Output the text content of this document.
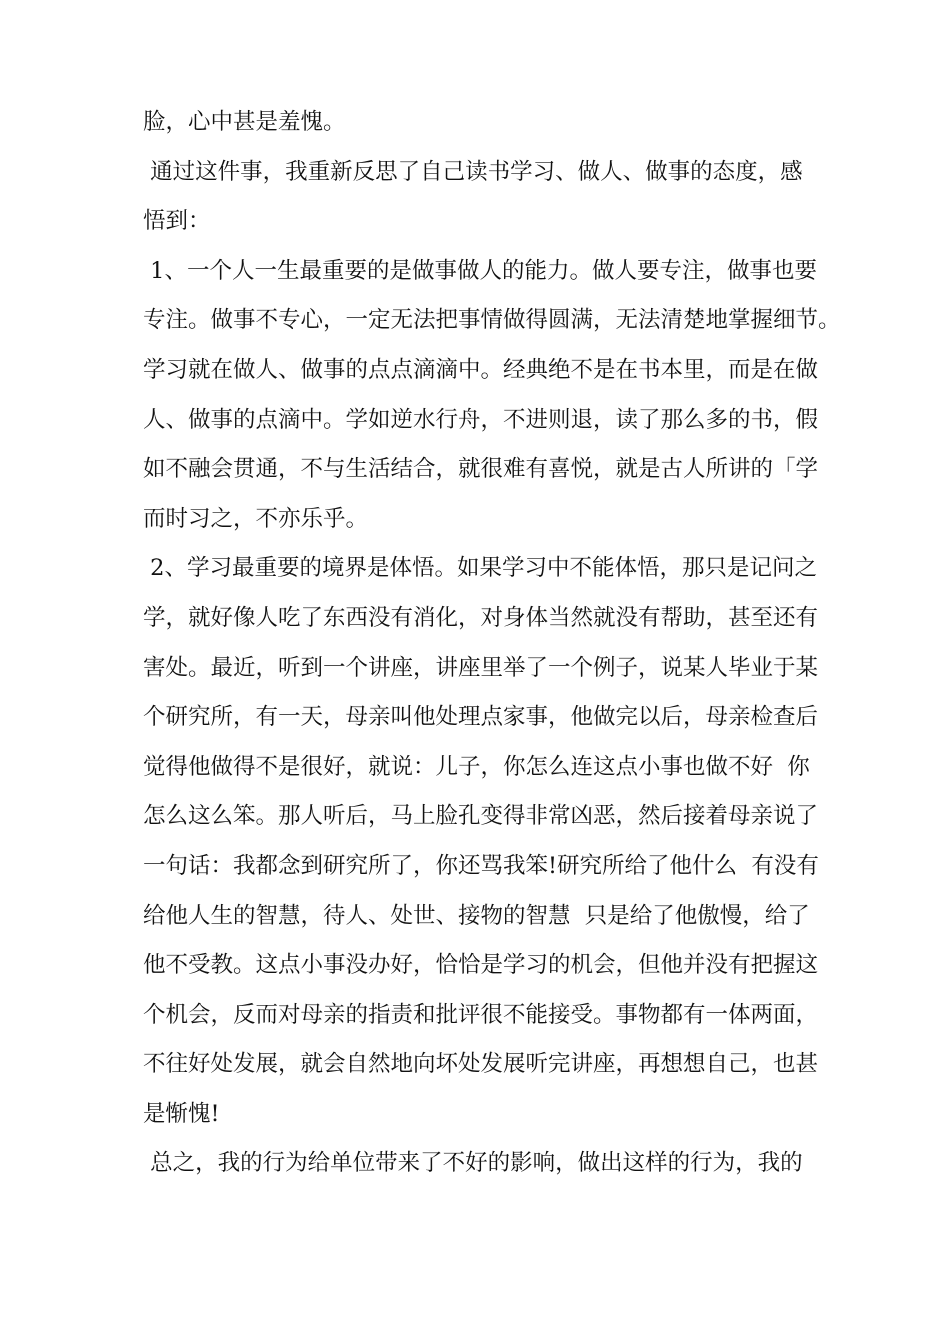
脸，心中甚是羞愧。
通过这件事，我重新反思了自己读书学习、做人、做事的态度，感
悟到：
1、一个人一生最重要的是做事做人的能力。做人要专注，做事也要
专注。做事不专心，一定无法把事情做得圆满，无法清楚地掌握细节。
学习就在做人、做事的点点滴滴中。经典绝不是在书本里，而是在做
人、做事的点滴中。学如逆水行舟，不进则退，读了那么多的书，假
如不融会贯通，不与生活结合，就很难有喜悦，就是古人所讲的「学
而时习之，不亦乐乎。
2、学习最重要的境界是体悟。如果学习中不能体悟，那只是记问之
学，就好像人吃了东西没有消化，对身体当然就没有帮助，甚至还有
害处。最近，听到一个讲座，讲座里举了一个例子，说某人毕业于某
个研究所，有一天，母亲叫他处理点家事，他做完以后，母亲检查后
觉得他做得不是很好，就说：儿子，你怎么连这点小事也做不好  你
怎么这么笨。那人听后，马上脸孔变得非常凶恶，然后接着母亲说了
一句话：我都念到研究所了，你还骂我笨!研究所给了他什么  有没有
给他人生的智慧，待人、处世、接物的智慧  只是给了他傲慢，给了
他不受教。这点小事没办好，恰恰是学习的机会，但他并没有把握这
个机会，反而对母亲的指责和批评很不能接受。事物都有一体两面，
不往好处发展，就会自然地向坏处发展听完讲座，再想想自己，也甚
是惭愧!
总之，我的行为给单位带来了不好的影响，做出这样的行为，我的
